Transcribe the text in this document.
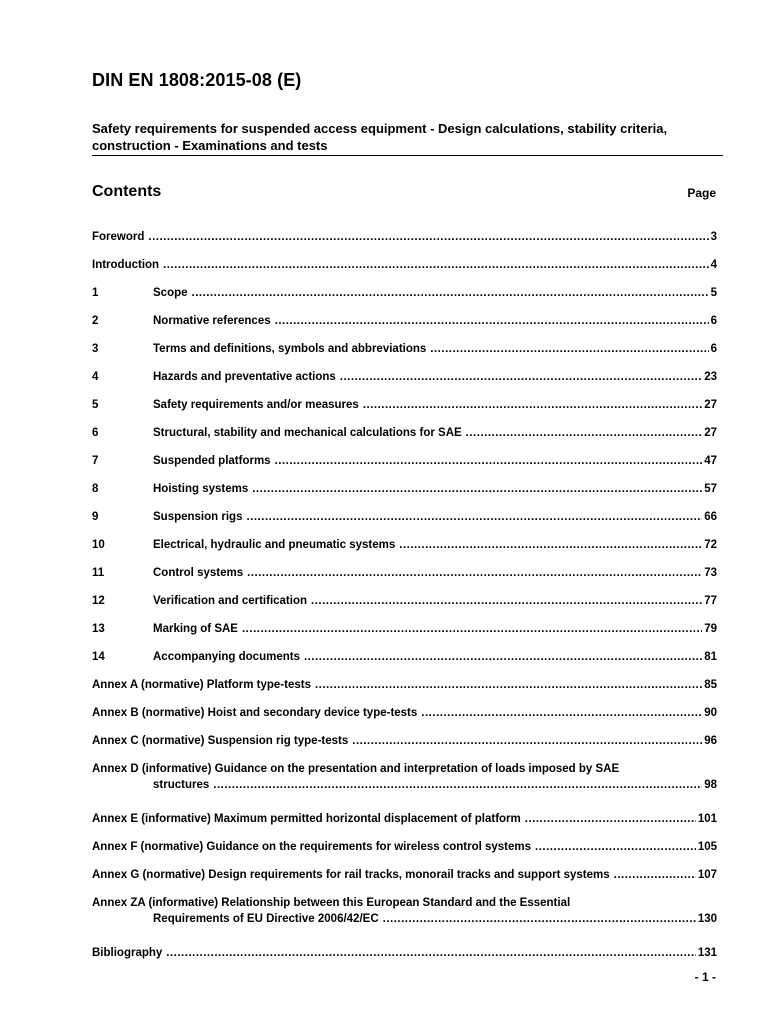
DIN EN 1808:2015-08 (E)
Safety requirements for suspended access equipment - Design calculations, stability criteria, construction - Examinations and tests
Contents	Page
Foreword .....	3
Introduction .....	4
1	Scope .....	5
2	Normative references .....	6
3	Terms and definitions, symbols and abbreviations .....	6
4	Hazards and preventative actions .....	23
5	Safety requirements and/or measures .....	27
6	Structural, stability and mechanical calculations for SAE .....	27
7	Suspended platforms .....	47
8	Hoisting systems .....	57
9	Suspension rigs .....	66
10	Electrical, hydraulic and pneumatic systems .....	72
11	Control systems .....	73
12	Verification and certification .....	77
13	Marking of SAE .....	79
14	Accompanying documents .....	81
Annex A (normative) Platform type-tests .....	85
Annex B (normative) Hoist and secondary device type-tests .....	90
Annex C (normative) Suspension rig type-tests .....	96
Annex D (informative) Guidance on the presentation and interpretation of loads imposed by SAE
structures .....	98
Annex E (informative) Maximum permitted horizontal displacement of platform .....	101
Annex F (normative) Guidance on the requirements for wireless control systems .....	105
Annex G (normative) Design requirements for rail tracks, monorail tracks and support systems .....	107
Annex ZA (informative) Relationship between this European Standard and the Essential
Requirements of EU Directive 2006/42/EC .....	130
Bibliography .....	131
- 1 -
